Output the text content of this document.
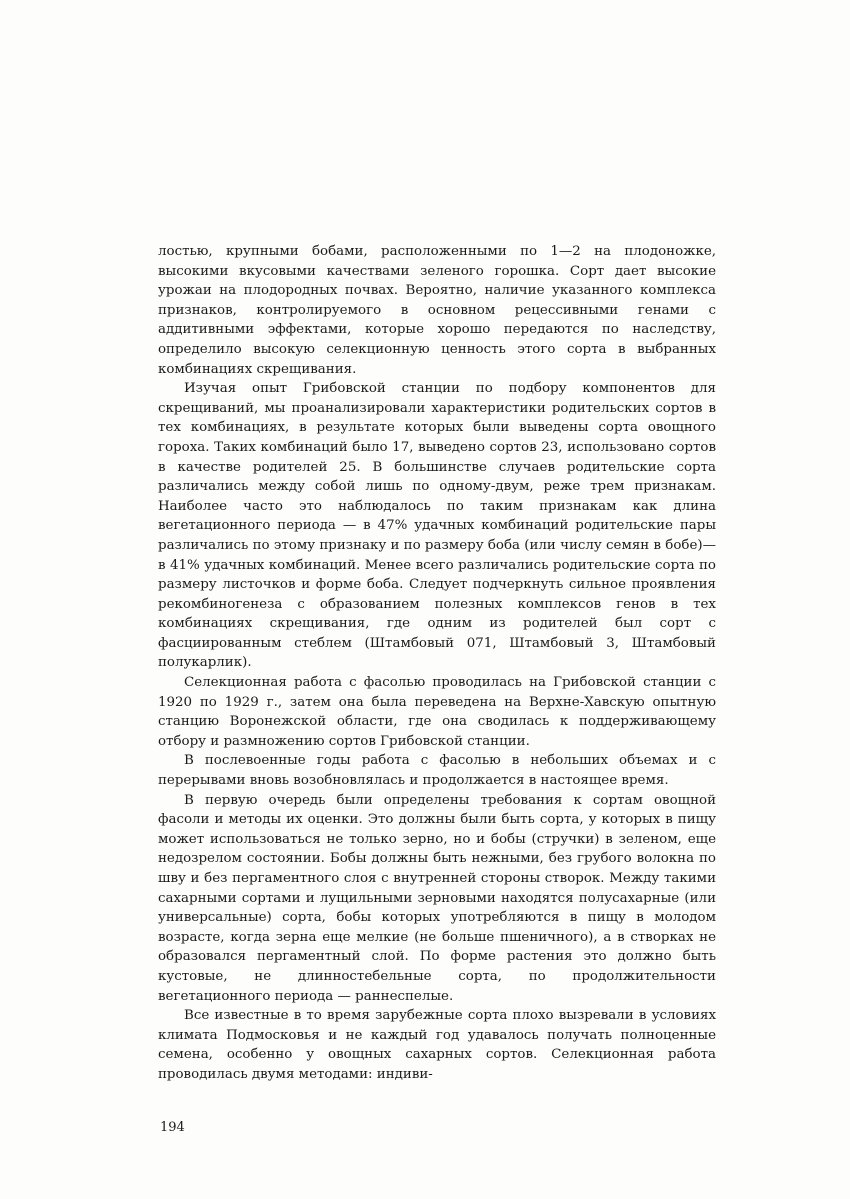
лостью, крупными бобами, расположенными по 1—2 на плодоножке, высокими вкусовыми качествами зеленого горошка. Сорт дает высокие урожаи на плодородных почвах. Вероятно, наличие указанного комплекса признаков, контролируемого в основном рецессивными генами с аддитивными эффектами, которые хорошо передаются по наследству, определило высокую селекционную ценность этого сорта в выбранных комбинациях скрещивания.

Изучая опыт Грибовской станции по подбору компонентов для скрещиваний, мы проанализировали характеристики родительских сортов в тех комбинациях, в результате которых были выведены сорта овощного гороха. Таких комбинаций было 17, выведено сортов 23, использовано сортов в качестве родителей 25. В большинстве случаев родительские сорта различались между собой лишь по одному-двум, реже трем признакам. Наиболее часто это наблюдалось по таким признакам как длина вегетационного периода — в 47% удачных комбинаций родительские пары различались по этому признаку и по размеру боба (или числу семян в бобе)— в 41% удачных комбинаций. Менее всего различались родительские сорта по размеру листочков и форме боба. Следует подчеркнуть сильное проявления рекомбиногенеза с образованием полезных комплексов генов в тех комбинациях скрещивания, где одним из родителей был сорт с фасциированным стеблем (Штамбовый 071, Штамбовый 3, Штамбовый полукарлик).

Селекционная работа с фасолью проводилась на Грибовской станции с 1920 по 1929 г., затем она была переведена на Верхне-Хавскую опытную станцию Воронежской области, где она сводилась к поддерживающему отбору и размножению сортов Грибовской станции.

В послевоенные годы работа с фасолью в небольших объемах и с перерывами вновь возобновлялась и продолжается в настоящее время.

В первую очередь были определены требования к сортам овощной фасоли и методы их оценки. Это должны были быть сорта, у которых в пищу может использоваться не только зерно, но и бобы (стручки) в зеленом, еще недозрелом состоянии. Бобы должны быть нежными, без грубого волокна по шву и без пергаментного слоя с внутренней стороны створок. Между такими сахарными сортами и лущильными зерновыми находятся полусахарные (или универсальные) сорта, бобы которых употребляются в пищу в молодом возрасте, когда зерна еще мелкие (не больше пшеничного), а в створках не образовался пергаментный слой. По форме растения это должно быть кустовые, не длинностебельные сорта, по продолжительности вегетационного периода — раннеспелые.

Все известные в то время зарубежные сорта плохо вызревали в условиях климата Подмосковья и не каждый год удавалось получать полноценные семена, особенно у овощных сахарных сортов. Селекционная работа проводилась двумя методами: индиви-

194
